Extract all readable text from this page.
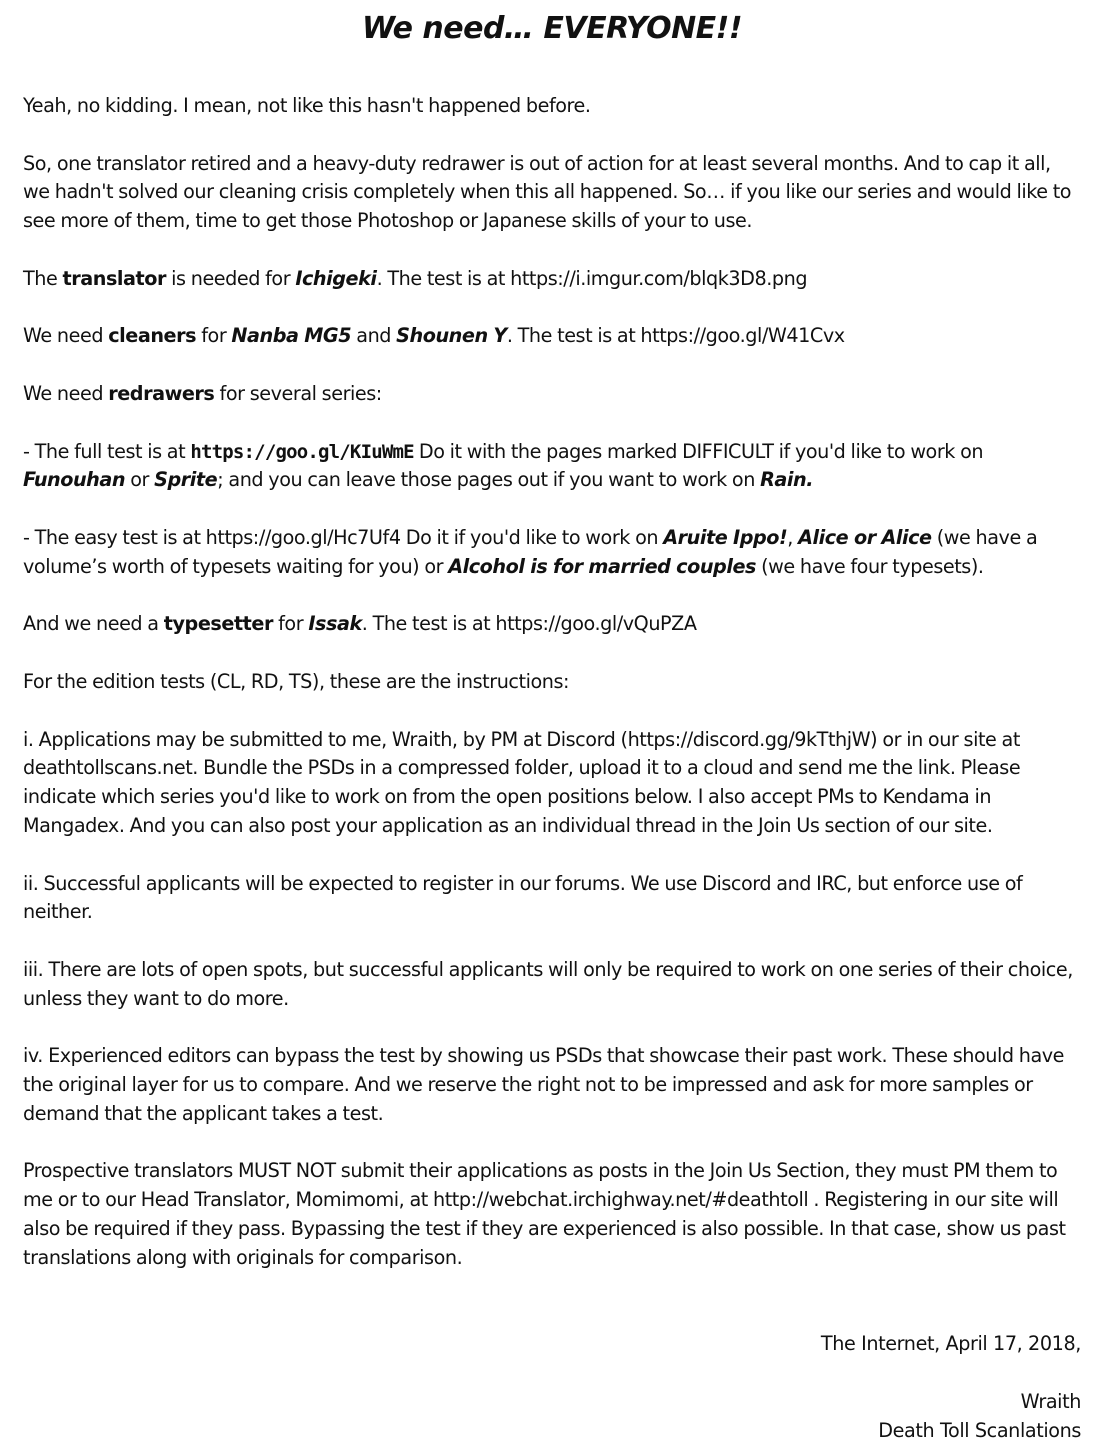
We need… EVERYONE!!

Yeah, no kidding. I mean, not like this hasn't happened before.

So, one translator retired and a heavy-duty redrawer is out of action for at least several months. And to cap it all, we hadn't solved our cleaning crisis completely when this all happened. So… if you like our series and would like to see more of them, time to get those Photoshop or Japanese skills of your to use.

The translator is needed for Ichigeki. The test is at https://i.imgur.com/blqk3D8.png

We need cleaners for Nanba MG5 and Shounen Y. The test is at https://goo.gl/W41Cvx

We need redrawers for several series:

- The full test is at https://goo.gl/KIuWmE Do it with the pages marked DIFFICULT if you'd like to work on Funouhan or Sprite; and you can leave those pages out if you want to work on Rain.

- The easy test is at https://goo.gl/Hc7Uf4 Do it if you'd like to work on Aruite Ippo!, Alice or Alice (we have a volume’s worth of typesets waiting for you) or Alcohol is for married couples (we have four typesets).

And we need a typesetter for Issak. The test is at https://goo.gl/vQuPZA

For the edition tests (CL, RD, TS), these are the instructions:

i. Applications may be submitted to me, Wraith, by PM at Discord (https://discord.gg/9kTthjW) or in our site at deathtollscans.net. Bundle the PSDs in a compressed folder, upload it to a cloud and send me the link. Please indicate which series you'd like to work on from the open positions below. I also accept PMs to Kendama in Mangadex. And you can also post your application as an individual thread in the Join Us section of our site.

ii. Successful applicants will be expected to register in our forums. We use Discord and IRC, but enforce use of neither.

iii. There are lots of open spots, but successful applicants will only be required to work on one series of their choice, unless they want to do more.

iv. Experienced editors can bypass the test by showing us PSDs that showcase their past work. These should have the original layer for us to compare. And we reserve the right not to be impressed and ask for more samples or demand that the applicant takes a test.

Prospective translators MUST NOT submit their applications as posts in the Join Us Section, they must PM them to me or to our Head Translator, Momimomi, at http://webchat.irchighway.net/#deathtoll . Registering in our site will also be required if they pass. Bypassing the test if they are experienced is also possible. In that case, show us past translations along with originals for comparison.

The Internet, April 17, 2018,
Wraith
Death Toll Scanlations
